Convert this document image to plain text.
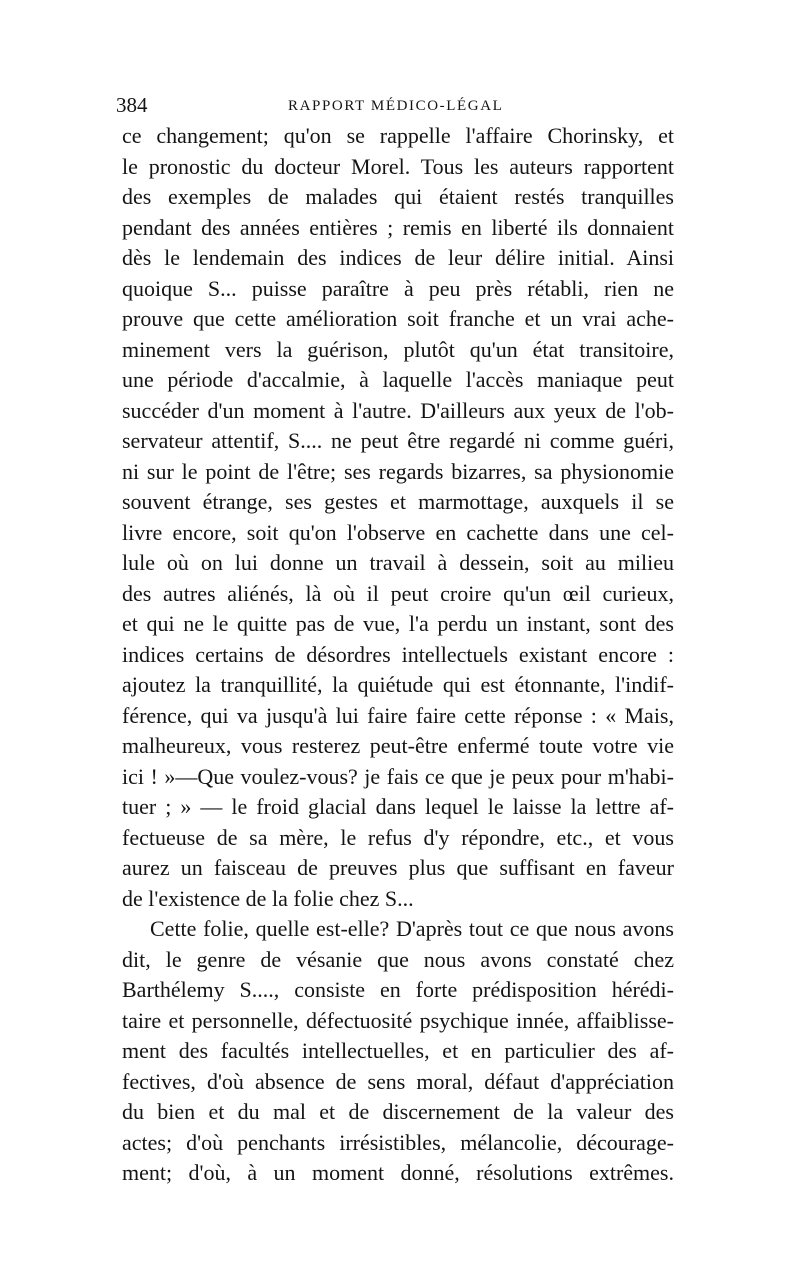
384	RAPPORT MÉDICO-LÉGAL
ce changement; qu'on se rappelle l'affaire Chorinsky, et
le pronostic du docteur Morel. Tous les auteurs rapportent
des exemples de malades qui étaient restés tranquilles
pendant des années entières ; remis en liberté ils donnaient
dès le lendemain des indices de leur délire initial. Ainsi
quoique S... puisse paraître à peu près rétabli, rien ne
prouve que cette amélioration soit franche et un vrai ache-
minement vers la guérison, plutôt qu'un état transitoire,
une période d'accalmie, à laquelle l'accès maniaque peut
succéder d'un moment à l'autre. D'ailleurs aux yeux de l'ob-
servateur attentif, S.... ne peut être regardé ni comme guéri,
ni sur le point de l'être; ses regards bizarres, sa physionomie
souvent étrange, ses gestes et marmottage, auxquels il se
livre encore, soit qu'on l'observe en cachette dans une cel-
lule où on lui donne un travail à dessein, soit au milieu
des autres aliénés, là où il peut croire qu'un œil curieux,
et qui ne le quitte pas de vue, l'a perdu un instant, sont des
indices certains de désordres intellectuels existant encore :
ajoutez la tranquillité, la quiétude qui est étonnante, l'indif-
férence, qui va jusqu'à lui faire faire cette réponse : « Mais,
malheureux, vous resterez peut-être enfermé toute votre vie
ici ! »—Que voulez-vous? je fais ce que je peux pour m'habi-
tuer ; » — le froid glacial dans lequel le laisse la lettre af-
fectueuse de sa mère, le refus d'y répondre, etc., et vous
aurez un faisceau de preuves plus que suffisant en faveur
de l'existence de la folie chez S...
Cette folie, quelle est-elle? D'après tout ce que nous avons
dit, le genre de vésanie que nous avons constaté chez
Barthélemy S...., consiste en forte prédisposition hérédi-
taire et personnelle, défectuosité psychique innée, affaiblisse-
ment des facultés intellectuelles, et en particulier des af-
fectives, d'où absence de sens moral, défaut d'appréciation
du bien et du mal et de discernement de la valeur des
actes; d'où penchants irrésistibles, mélancolie, décourage-
ment; d'où, à un moment donné, résolutions extrêmes.
